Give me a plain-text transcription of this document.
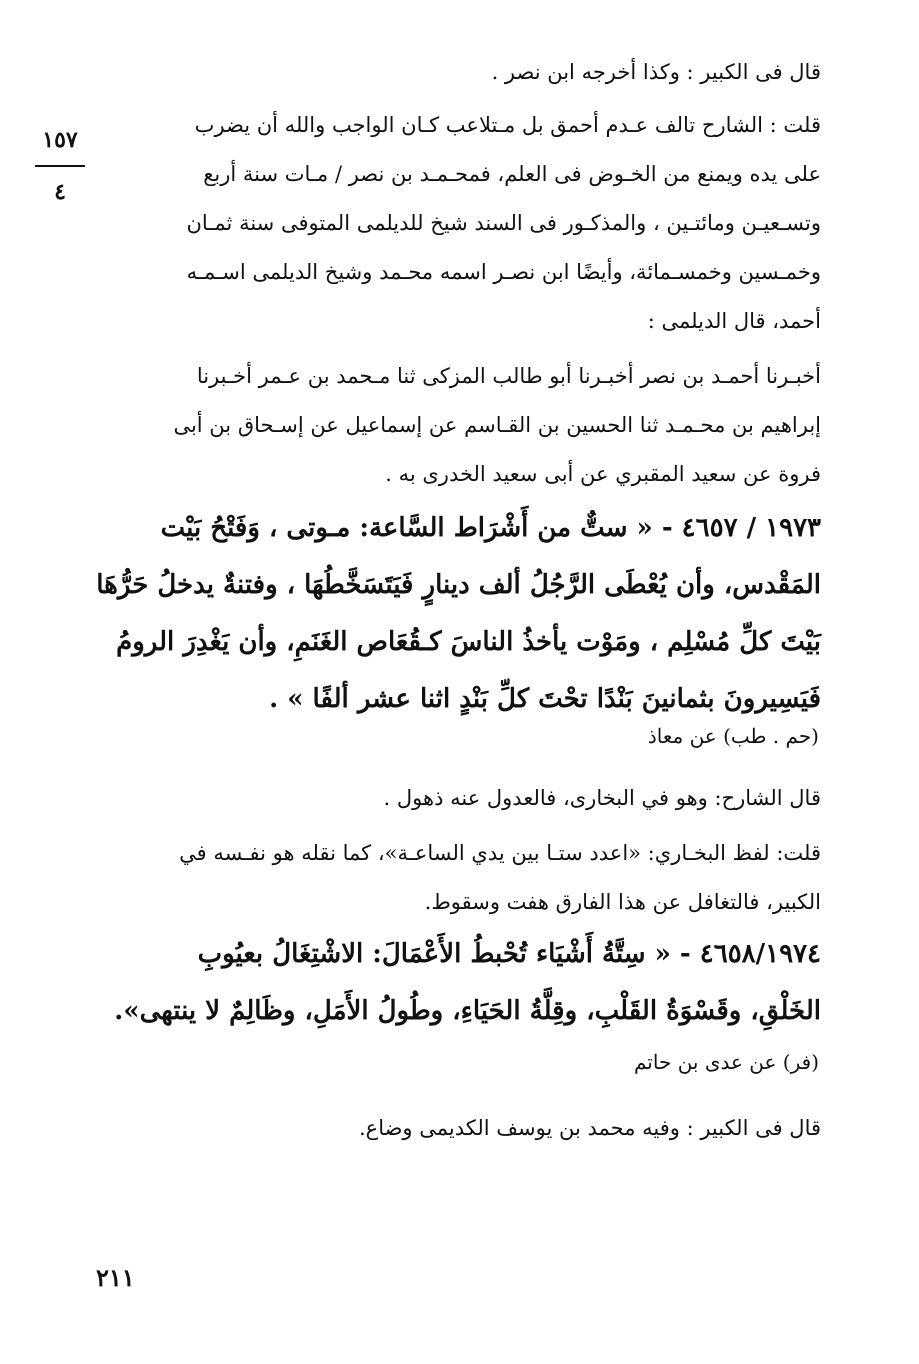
١٥٧
٤
قال فى الكبير : وكذا أخرجه ابن نصر .
قلت : الشارح تالف عـدم أحمق بل مـتلاعب كـان الواجب والله أن يضرب
على يده ويمنع من الخـوض فى العلم، فمحـمـد بن نصر / مـات سنة أربع
وتسـعيـن ومائتـين ، والمذكـور فى السند شيخ للديلمى المتوفى سنة ثمـان
وخمـسين وخمسـمائة، وأيضًا ابن نصـر اسمه محـمد وشيخ الديلمى اسـمـه
أحمد، قال الديلمى :
أخبـرنا أحمـد بن نصر أخبـرنا أبو طالب المزكى ثنا مـحمد بن عـمر أخـبرنا
إبراهيم بن محـمـد ثنا الحسين بن القـاسم عن إسماعيل عن إسـحاق بن أبى
فروة عن سعيد المقبري عن أبى سعيد الخدرى به .
١٩٧٣ / ٤٦٥٧ - « ستٌّ من أَشْرَاط السَّاعة: مـوتى ، وَفَتْحُ بَيْت
المَقْدس، وأن يُعْطَى الرَّجُلُ ألف دينارٍ فَيَتَسَخَّطُهَا ، وفتنةٌ يدخلُ حَرُّهَا
بَيْتَ كلِّ مُسْلِم ، ومَوْت يأخذُ الناسَ كـقُعَاص الغَنَمِ، وأن يَغْدِرَ الرومُ
فَيَسِيرونَ بثمانينَ بَنْدًا تحْتَ كلِّ بَنْدٍ اثنا عشر ألفًا » .
(حم . طب) عن معاذ
قال الشارح: وهو في البخارى، فالعدول عنه ذهول .
قلت: لفظ البخـاري: «اعدد ستـا بين يدي الساعـة»، كما نقله هو نفـسه في
الكبير، فالتغافل عن هذا الفارق هفت وسقوط.
٤٦٥٨/١٩٧٤ - « سِتَّةُ أَشْيَاء تُحْبطُ الأَعْمَالَ: الاشْتِغَالُ بعيُوبِ
الخَلْقِ، وقَسْوَةُ القَلْبِ، وقِلَّةُ الحَيَاءِ، وطُولُ الأَمَلِ، وظَالِمٌ لا ينتهى».
(فر) عن عدى بن حاتم
قال فى الكبير : وفيه محمد بن يوسف الكديمى وضاع.
٢١١
